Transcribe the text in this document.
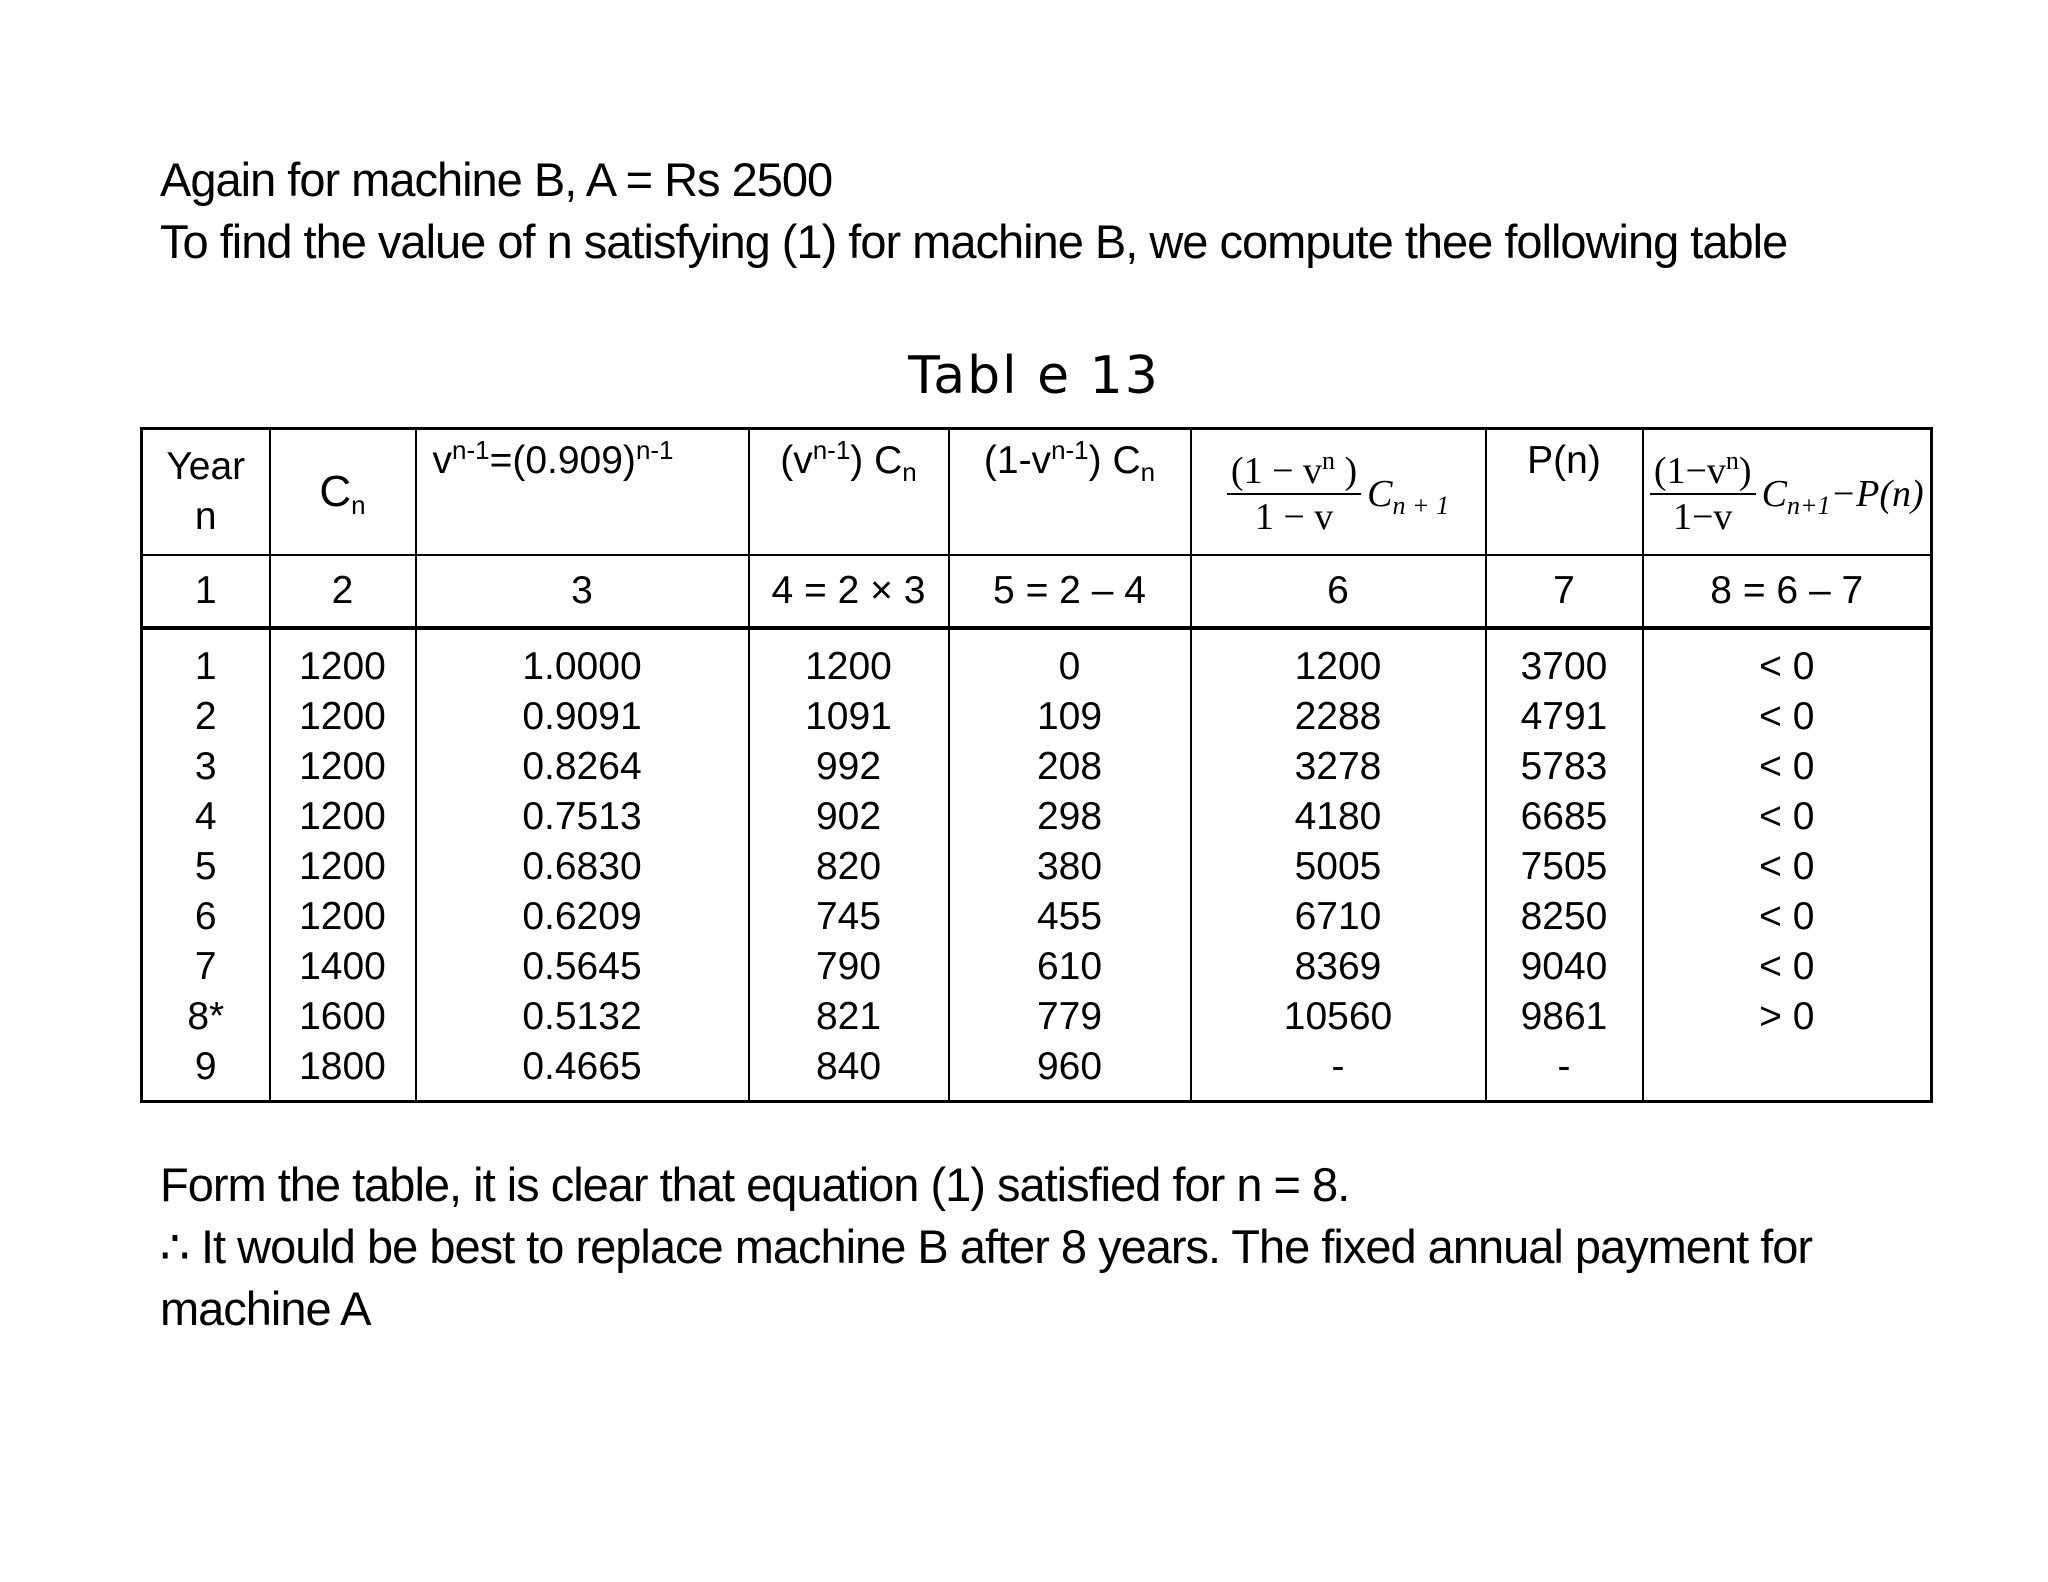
Again for machine B, A = Rs 2500
To find the value of n satisfying (1) for machine B, we compute thee following table
Tabl e 13
Year
n	$C_n$	$v^{n-1}=(0.909)^{n-1}$	$(v^{n-1})$ $C_n$	$(1-v^{n-1})$ $C_n$	$\frac{(1 - v^n )}{1 - v} C_{n + 1}$	P(n)	$\frac{(1-v^n)}{1-v} C_{n+1}-P(n)$

1	2	3	4 = 2 × 3	5 = 2 – 4	6	7	8 = 6 – 7
1	1200	1.0000	1200	0	1200	3700	< 0
2	1200	0.9091	1091	109	2288	4791	< 0
3	1200	0.8264	992	208	3278	5783	< 0
4	1200	0.7513	902	298	4180	6685	< 0
5	1200	0.6830	820	380	5005	7505	< 0
6	1200	0.6209	745	455	6710	8250	< 0
7	1400	0.5645	790	610	8369	9040	< 0
8*	1600	0.5132	821	779	10560	9861	> 0
9	1800	0.4665	840	960	-	-	
Form the table, it is clear that equation (1) satisfied for n = 8.
∴ It would be best to replace machine B after 8 years. The fixed annual payment for
machine A
